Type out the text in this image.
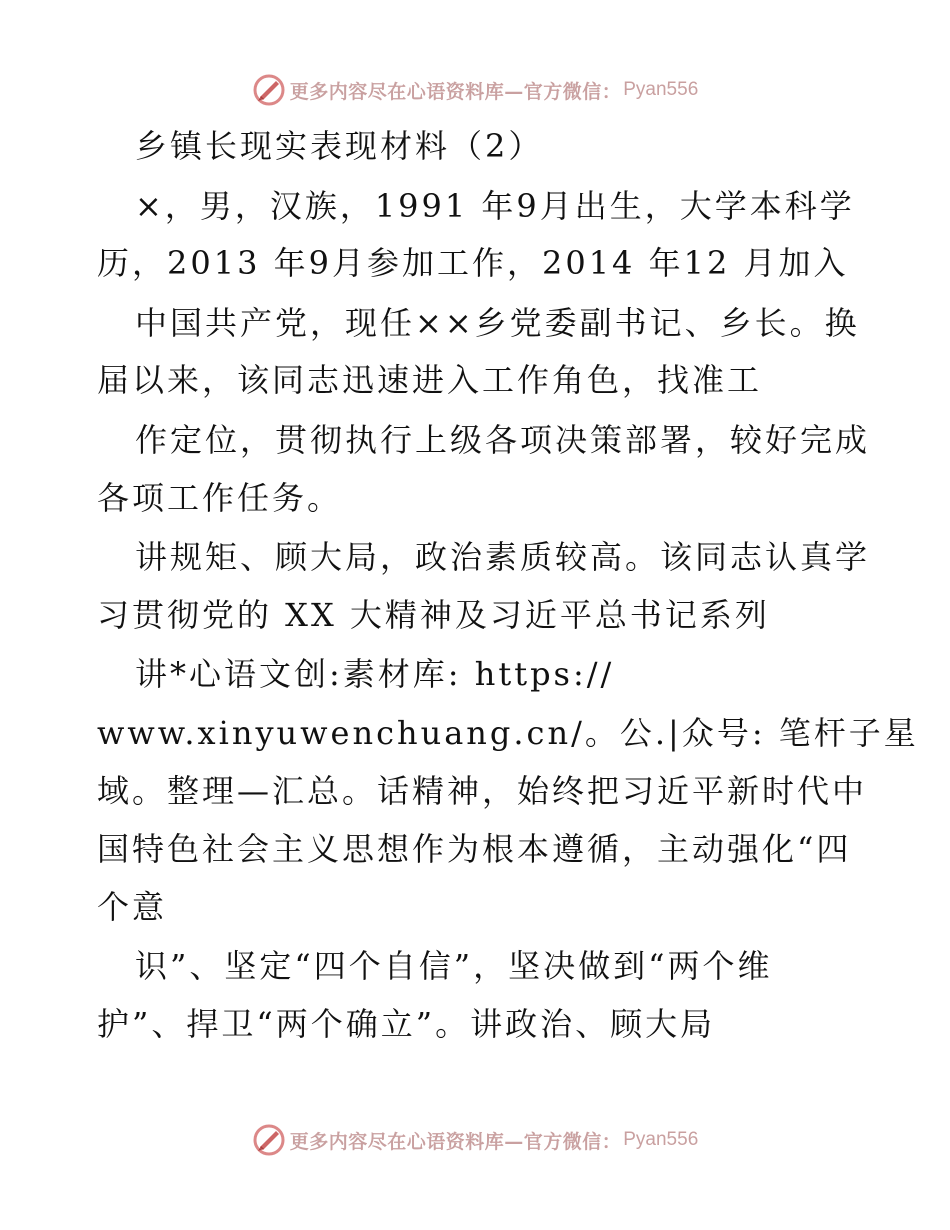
更多内容尽在心语资料库—官方微信： Pyan556
乡镇长现实表现材料（2）
×，男，汉族，1991 年9月出生，大学本科学
历，2013 年9月参加工作，2014 年12 月加入
中国共产党，现任××乡党委副书记、乡长。换
届以来，该同志迅速进入工作角色，找准工
作定位，贯彻执行上级各项决策部署，较好完成
各项工作任务。
讲规矩、顾大局，政治素质较高。该同志认真学
习贯彻党的 XX 大精神及习近平总书记系列
讲*心语文创:素材库: https://
www.xinyuwenchuang.cn/。公.|众号: 笔杆子星
域。整理—汇总。话精神，始终把习近平新时代中
国特色社会主义思想作为根本遵循，主动强化“四
个意
识”、坚定“四个自信”，坚决做到“两个维
护”、捍卫“两个确立”。讲政治、顾大局
更多内容尽在心语资料库—官方微信： Pyan556
